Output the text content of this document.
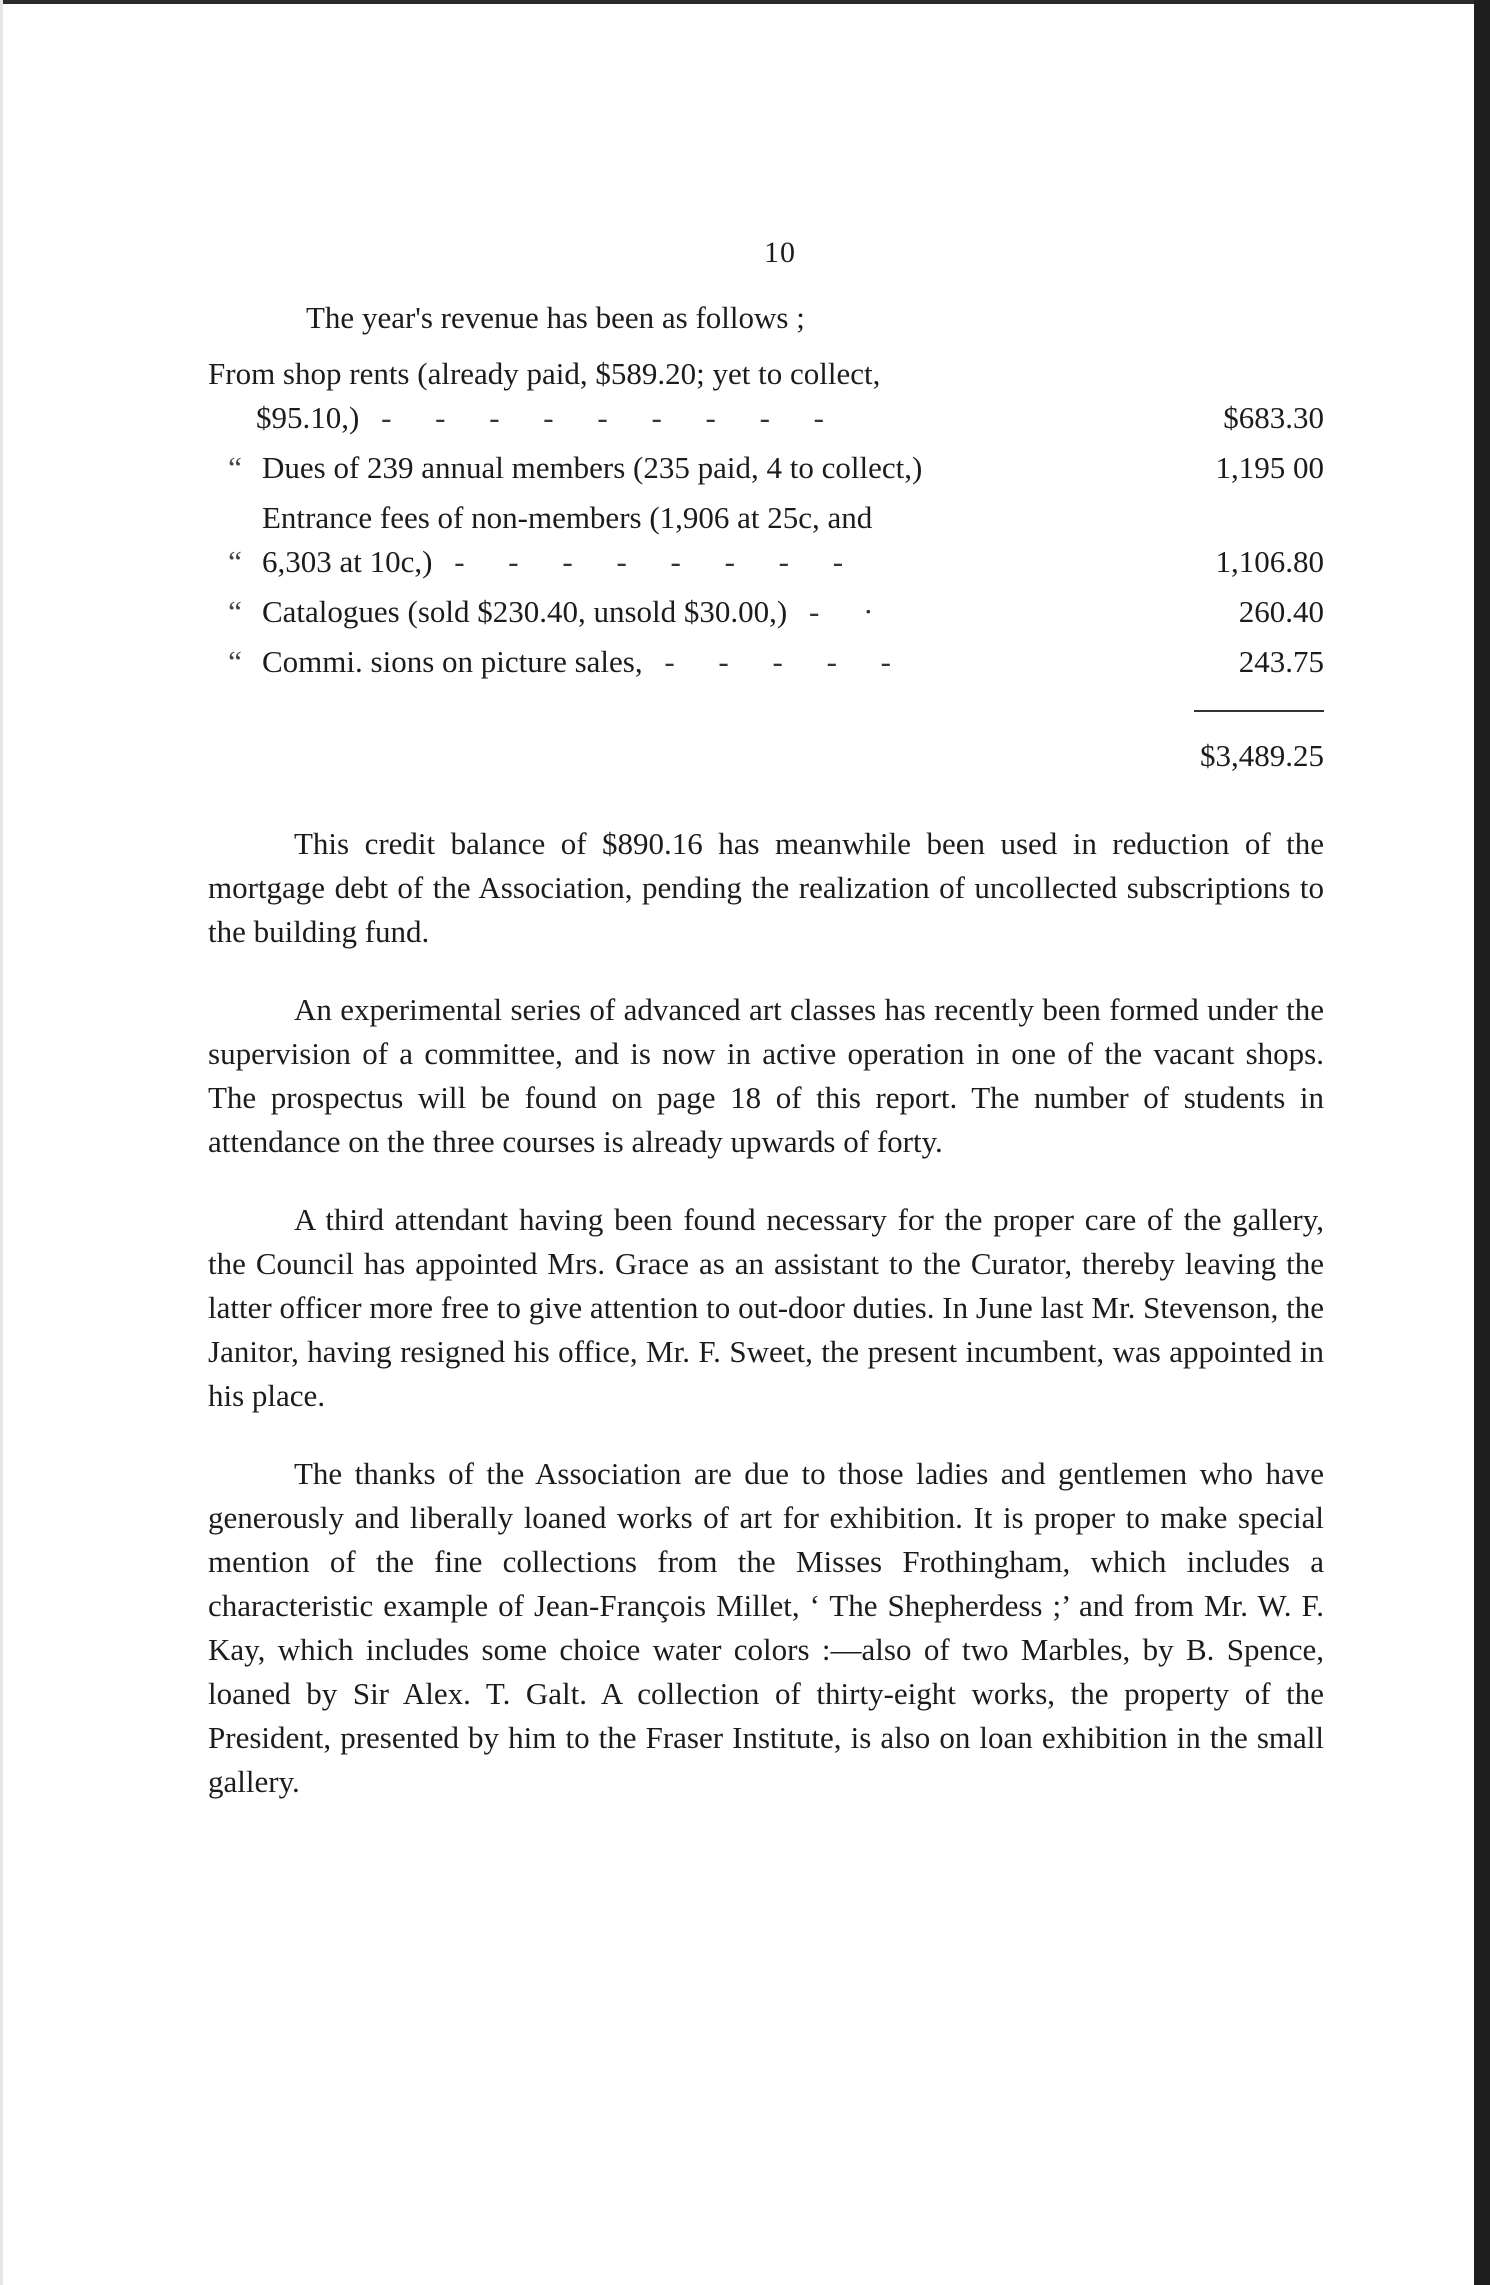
10

The year's revenue has been as follows ;

From shop rents (already paid, $589.20; yet to collect,
$95.10,) - - - - - - - - -	$683.30
“ Dues of 239 annual members (235 paid, 4 to collect,)	1,195 00
“
Entrance fees of non-members (1,906 at 25c, and
6,303 at 10c,) - - - - - - - -	1,106.80
“ Catalogues (sold $230.40, unsold $30.00,) - ·	260.40
“ Commi. sions on picture sales, - - - - -	243.75
$3,489.25

This credit balance of $890.16 has meanwhile been used in reduction of the mortgage debt of the Association, pending the realization of uncollected subscriptions to the building fund.

An experimental series of advanced art classes has recently been formed under the supervision of a committee, and is now in active operation in one of the vacant shops. The prospectus will be found on page 18 of this report. The number of students in attendance on the three courses is already upwards of forty.

A third attendant having been found necessary for the proper care of the gallery, the Council has appointed Mrs. Grace as an assistant to the Curator, thereby leaving the latter officer more free to give attention to out-door duties. In June last Mr. Stevenson, the Janitor, having resigned his office, Mr. F. Sweet, the present incumbent, was appointed in his place.

The thanks of the Association are due to those ladies and gentlemen who have generously and liberally loaned works of art for exhibition. It is proper to make special mention of the fine collections from the Misses Frothingham, which includes a characteristic example of Jean-François Millet, ‘ The Shepherdess ;’ and from Mr. W. F. Kay, which includes some choice water colors :—also of two Marbles, by B. Spence, loaned by Sir Alex. T. Galt. A collection of thirty-eight works, the property of the President, presented by him to the Fraser Institute, is also on loan exhibition in the small gallery.
